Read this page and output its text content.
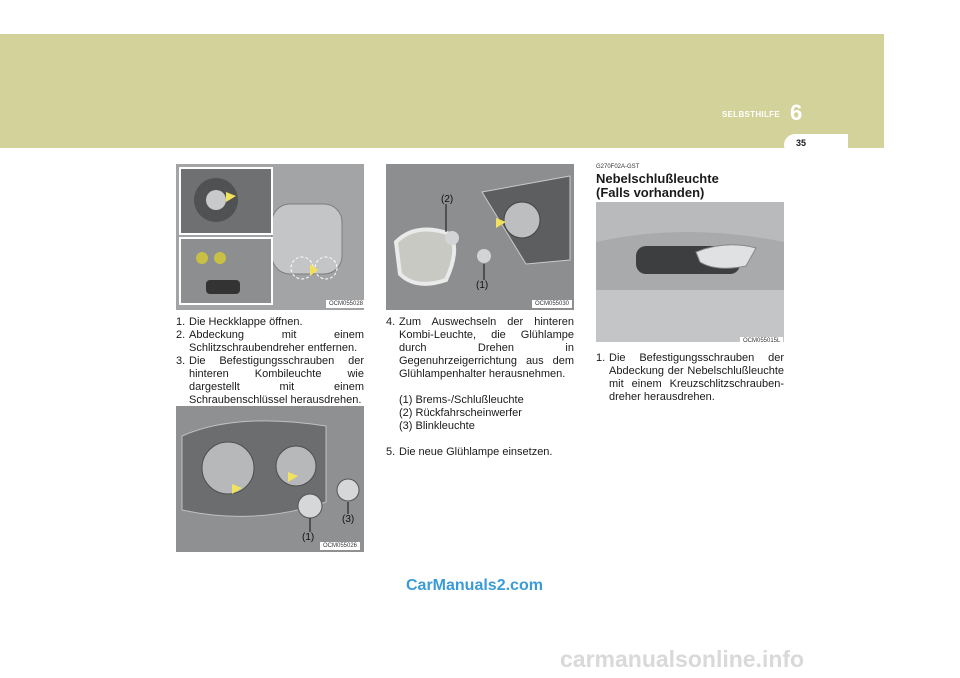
SELBSTHILFE 6
35
OCM055028
1. Die Heckklappe öffnen.
2. Abdeckung mit einem Schlitzschraubendreher entfernen.
3. Die Befestigungsschrauben der hinteren Kombileuchte wie dargestellt mit einem Schraubenschlüssel herausdrehen.
(1)
(3)
OCM055026
(2)
(1)
OCM055030
4. Zum Auswechseln der hinteren Kombi-Leuchte, die Glühlampe durch Drehen in Gegenuhrzeigerrichtung aus dem Glühlampenhalter herausnehmen.
(1) Brems-/Schlußleuchte
(2) Rückfahrscheinwerfer
(3) Blinkleuchte
5. Die neue Glühlampe einsetzen.
G270F02A-GST
Nebelschlußleuchte
(Falls vorhanden)
OCM055015L
1. Die Befestigungsschrauben der Abdeckung der Nebelschlußleuchte mit einem Kreuzschlitzschrauben-dreher herausdrehen.
CarManuals2.com
carmanualsonline.info
